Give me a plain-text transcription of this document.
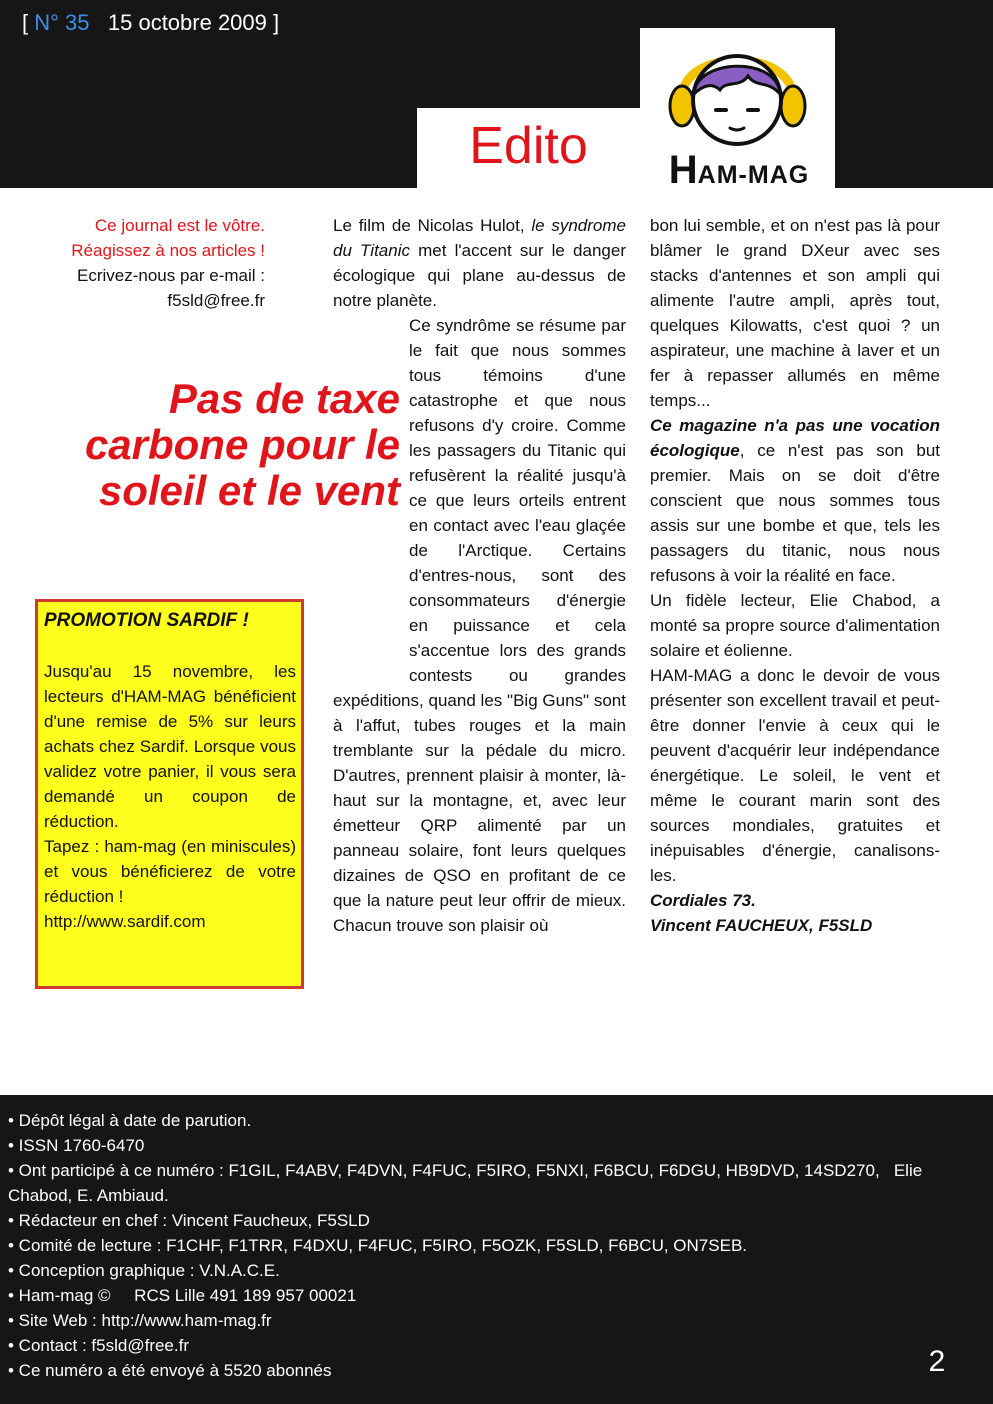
[ N° 35 15 octobre 2009 ]
Edito	HAM-MAG
Ce journal est le vôtre.
Réagissez à nos articles !
Ecrivez-nous par e-mail :
f5sld@free.fr
Pas de taxe carbone pour le soleil et le vent
PROMOTION SARDIF !

Jusqu'au 15 novembre, les lecteurs d'HAM-MAG bénéficient d'une remise de 5% sur leurs achats chez Sardif. Lorsque vous validez votre panier, il vous sera demandé un coupon de réduction.

Tapez : ham-mag (en miniscules) et vous bénéficierez de votre réduction !

http://www.sardif.com

Le film de Nicolas Hulot, le syndrome du Titanic met l'accent sur le danger écologique qui plane au-dessus de notre planète.

Ce syndrôme se résume par le fait que nous sommes tous témoins d'une catastrophe et que nous refusons d'y croire. Comme les passagers du Titanic qui refusèrent la réalité jusqu'à ce que leurs orteils entrent en contact avec l'eau glaçée de l'Arctique. Certains d'entres-nous, sont des consommateurs d'énergie en puissance et cela s'accentue lors des grands contests ou grandes expéditions, quand les "Big Guns" sont à l'affut, tubes rouges et la main tremblante sur la pédale du micro. D'autres, prennent plaisir à monter, là-haut sur la montagne, et, avec leur émetteur QRP alimenté par un panneau solaire, font leurs quelques dizaines de QSO en profitant de ce que la nature peut leur offrir de mieux. Chacun trouve son plaisir où

bon lui semble, et on n'est pas là pour blâmer le grand DXeur avec ses stacks d'antennes et son ampli qui alimente l'autre ampli, après tout, quelques Kilowatts, c'est quoi ? un aspirateur, une machine à laver et un fer à repasser allumés en même temps...

Ce magazine n'a pas une vocation écologique, ce n'est pas son but premier. Mais on se doit d'être conscient que nous sommes tous assis sur une bombe et que, tels les passagers du titanic, nous nous refusons à voir la réalité en face.

Un fidèle lecteur, Elie Chabod, a monté sa propre source d'alimentation solaire et éolienne.

HAM-MAG a donc le devoir de vous présenter son excellent travail et peut-être donner l'envie à ceux qui le peuvent d'acquérir leur indépendance énergétique. Le soleil, le vent et même le courant marin sont des sources mondiales, gratuites et inépuisables d'énergie, canalisons-les.

Cordiales 73.

Vincent FAUCHEUX, F5SLD

• Dépôt légal à date de parution.
• ISSN 1760-6470
• Ont participé à ce numéro : F1GIL, F4ABV, F4DVN, F4FUC, F5IRO, F5NXI, F6BCU, F6DGU, HB9DVD, 14SD270,   Elie Chabod, E. Ambiaud.
• Rédacteur en chef : Vincent Faucheux, F5SLD
• Comité de lecture : F1CHF, F1TRR, F4DXU, F4FUC, F5IRO, F5OZK, F5SLD, F6BCU, ON7SEB.
• Conception graphique : V.N.A.C.E.
• Ham-mag ©     RCS Lille 491 189 957 00021
• Site Web : http://www.ham-mag.fr
• Contact : f5sld@free.fr
• Ce numéro a été envoyé à 5520 abonnés	2
